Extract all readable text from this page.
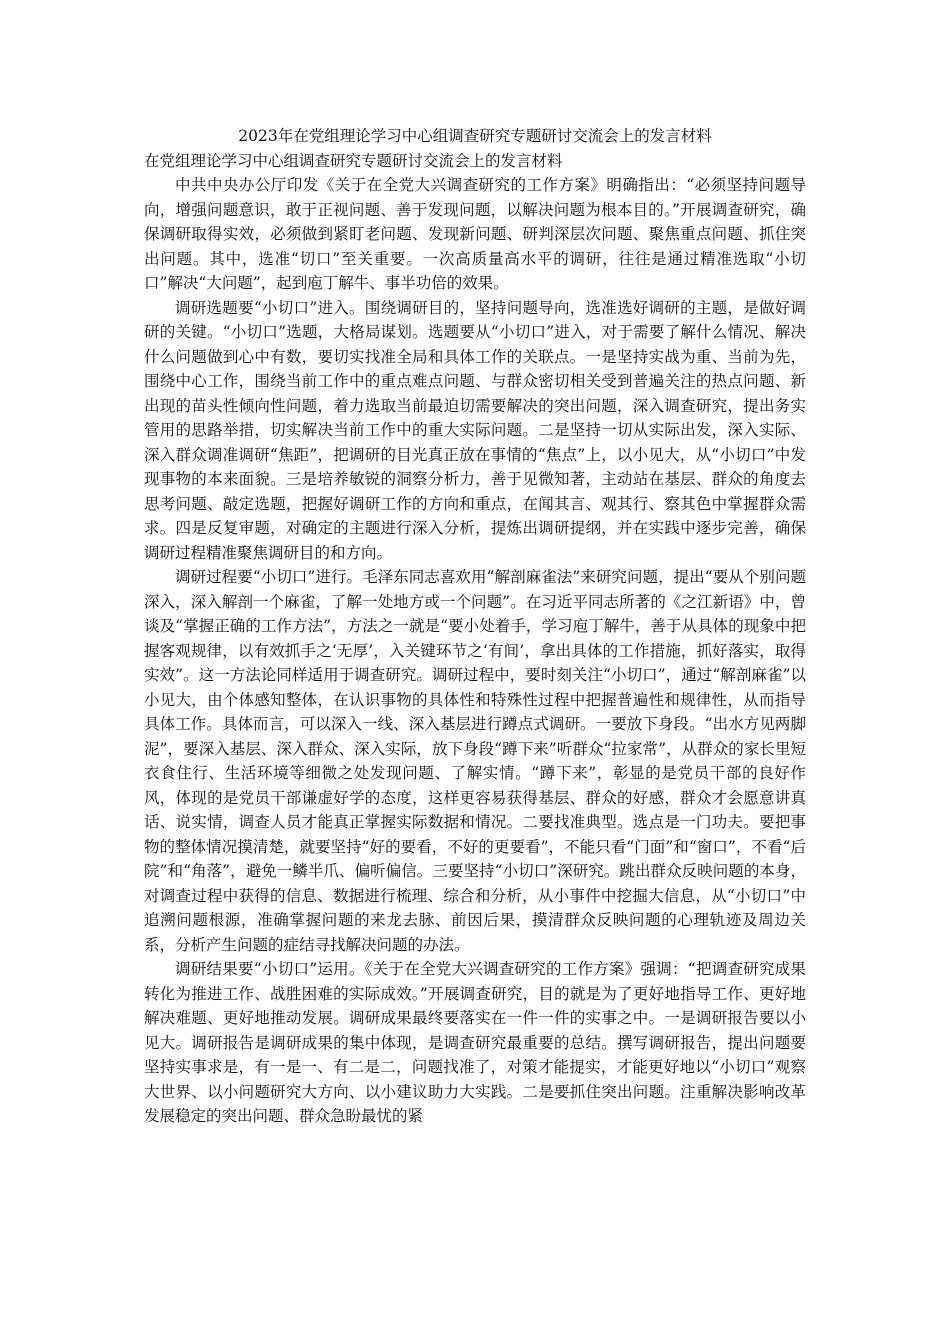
2023年在党组理论学习中心组调查研究专题研讨交流会上的发言材料
在党组理论学习中心组调查研究专题研讨交流会上的发言材料

中共中央办公厅印发《关于在全党大兴调查研究的工作方案》明确指出：“必须坚持问题导向，增强问题意识，敢于正视问题、善于发现问题，以解决问题为根本目的。”开展调查研究，确保调研取得实效，必须做到紧盯老问题、发现新问题、研判深层次问题、聚焦重点问题、抓住突出问题。其中，选准“切口”至关重要。一次高质量高水平的调研，往往是通过精准选取“小切口”解决“大问题”，起到庖丁解牛、事半功倍的效果。

调研选题要“小切口”进入。围绕调研目的，坚持问题导向，选准选好调研的主题，是做好调研的关键。“小切口”选题，大格局谋划。选题要从“小切口”进入，对于需要了解什么情况、解决什么问题做到心中有数，要切实找准全局和具体工作的关联点。一是坚持实战为重、当前为先，围绕中心工作，围绕当前工作中的重点难点问题、与群众密切相关受到普遍关注的热点问题、新出现的苗头性倾向性问题，着力选取当前最迫切需要解决的突出问题，深入调查研究，提出务实管用的思路举措，切实解决当前工作中的重大实际问题。二是坚持一切从实际出发，深入实际、深入群众调准调研“焦距”，把调研的目光真正放在事情的“焦点”上，以小见大，从“小切口”中发现事物的本来面貌。三是培养敏锐的洞察分析力，善于见微知著，主动站在基层、群众的角度去思考问题、敲定选题，把握好调研工作的方向和重点，在闻其言、观其行、察其色中掌握群众需求。四是反复审题，对确定的主题进行深入分析，提炼出调研提纲，并在实践中逐步完善，确保调研过程精准聚焦调研目的和方向。

调研过程要“小切口”进行。毛泽东同志喜欢用“解剖麻雀法”来研究问题，提出“要从个别问题深入，深入解剖一个麻雀，了解一处地方或一个问题”。在习近平同志所著的《之江新语》中，曾谈及“掌握正确的工作方法”，方法之一就是“要小处着手，学习庖丁解牛，善于从具体的现象中把握客观规律，以有效抓手之‘无厚’，入关键环节之‘有间’，拿出具体的工作措施，抓好落实，取得实效”。这一方法论同样适用于调查研究。调研过程中，要时刻关注“小切口”，通过“解剖麻雀”以小见大，由个体感知整体，在认识事物的具体性和特殊性过程中把握普遍性和规律性，从而指导具体工作。具体而言，可以深入一线、深入基层进行蹲点式调研。一要放下身段。“出水方见两脚泥”，要深入基层、深入群众、深入实际，放下身段“蹲下来”听群众“拉家常”，从群众的家长里短衣食住行、生活环境等细微之处发现问题、了解实情。“蹲下来”，彰显的是党员干部的良好作风，体现的是党员干部谦虚好学的态度，这样更容易获得基层、群众的好感，群众才会愿意讲真话、说实情，调查人员才能真正掌握实际数据和情况。二要找准典型。选点是一门功夫。要把事物的整体情况摸清楚，就要坚持“好的要看，不好的更要看”，不能只看“门面”和“窗口”，不看“后院”和“角落”，避免一鳞半爪、偏听偏信。三要坚持“小切口”深研究。跳出群众反映问题的本身，对调查过程中获得的信息、数据进行梳理、综合和分析，从小事件中挖掘大信息，从“小切口”中追溯问题根源，准确掌握问题的来龙去脉、前因后果，摸清群众反映问题的心理轨迹及周边关系，分析产生问题的症结寻找解决问题的办法。

调研结果要“小切口”运用。《关于在全党大兴调查研究的工作方案》强调：“把调查研究成果转化为推进工作、战胜困难的实际成效。”开展调查研究，目的就是为了更好地指导工作、更好地解决难题、更好地推动发展。调研成果最终要落实在一件一件的实事之中。一是调研报告要以小见大。调研报告是调研成果的集中体现，是调查研究最重要的总结。撰写调研报告，提出问题要坚持实事求是，有一是一、有二是二，问题找准了，对策才能提实，才能更好地以“小切口”观察大世界、以小问题研究大方向、以小建议助力大实践。二是要抓住突出问题。注重解决影响改革发展稳定的突出问题、群众急盼最忧的紧
